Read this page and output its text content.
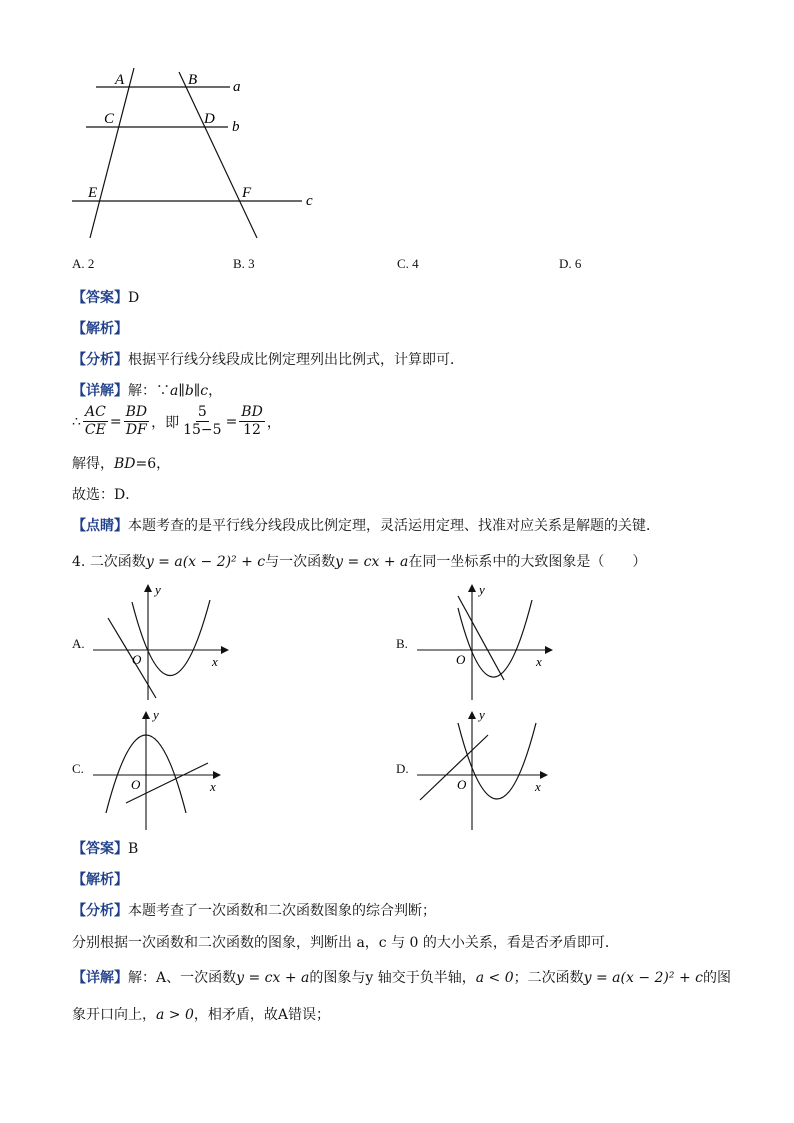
A	B a
C	D b
E	F	c
A. 2	B. 3	C. 4	D. 6
【答案】D
【解析】
【分析】根据平行线分线段成比例定理列出比例式，计算即可．
【详解】解：∵a∥b∥c，
∴ $\frac{AC}{CE} = \frac{BD}{DF}$ ，即 $\frac{5}{15-5} = \frac{BD}{12}$ ，
解得，BD=6，
故选：D．
【点睛】本题考查的是平行线分线段成比例定理，灵活运用定理、找准对应关系是解题的关键．
4. 二次函数y = a(x − 2)² + c与一次函数y = cx + a在同一坐标系中的大致图象是（　　）
A.
y
x
O
B.
y
x
O
C.
y
x
O
D.
y
x
O
【答案】B
【解析】
【分析】本题考查了一次函数和二次函数图象的综合判断；
分别根据一次函数和二次函数的图象，判断出 a，c 与 0 的大小关系，看是否矛盾即可．
【详解】解：A、一次函数y = cx + a的图象与y 轴交于负半轴，a < 0；二次函数y = a(x − 2)² + c的图
象开口向上，a > 0，相矛盾，故A错误；
